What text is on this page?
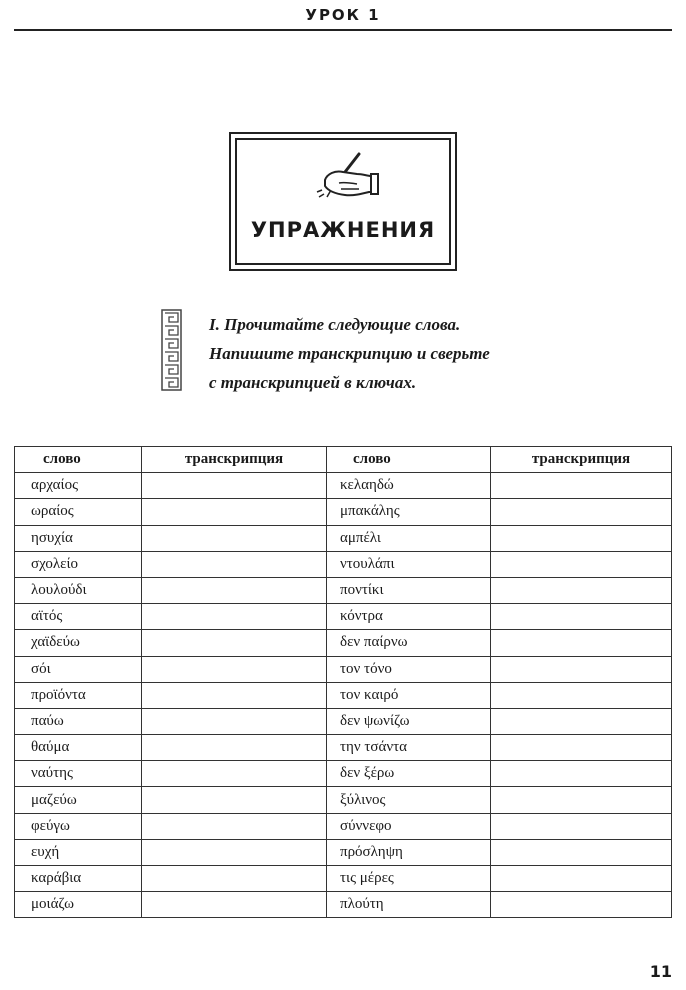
УРОК 1
УПРАЖНЕНИЯ
I. Прочитайте следующие слова.
Напишите транскрипцию и сверьте
с транскрипцией в ключах.
слово	транскрипция	слово	транскрипция
αρχαίος		κελαηδώ	
ωραίος		μπακάλης	
ησυχία		αμπέλι	
σχολείο		ντουλάπι	
λουλούδι		ποντίκι	
αϊτός		κόντρα	
χαϊδεύω		δεν παίρνω	
σόι		τον τόνο	
προϊόντα		τον καιρό	
παύω		δεν ψωνίζω	
θαύμα		την τσάντα	
ναύτης		δεν ξέρω	
μαζεύω		ξύλινος	
φεύγω		σύννεφο	
ευχή		πρόσληψη	
καράβια		τις μέρες	
μοιάζω		πλούτη	
11
